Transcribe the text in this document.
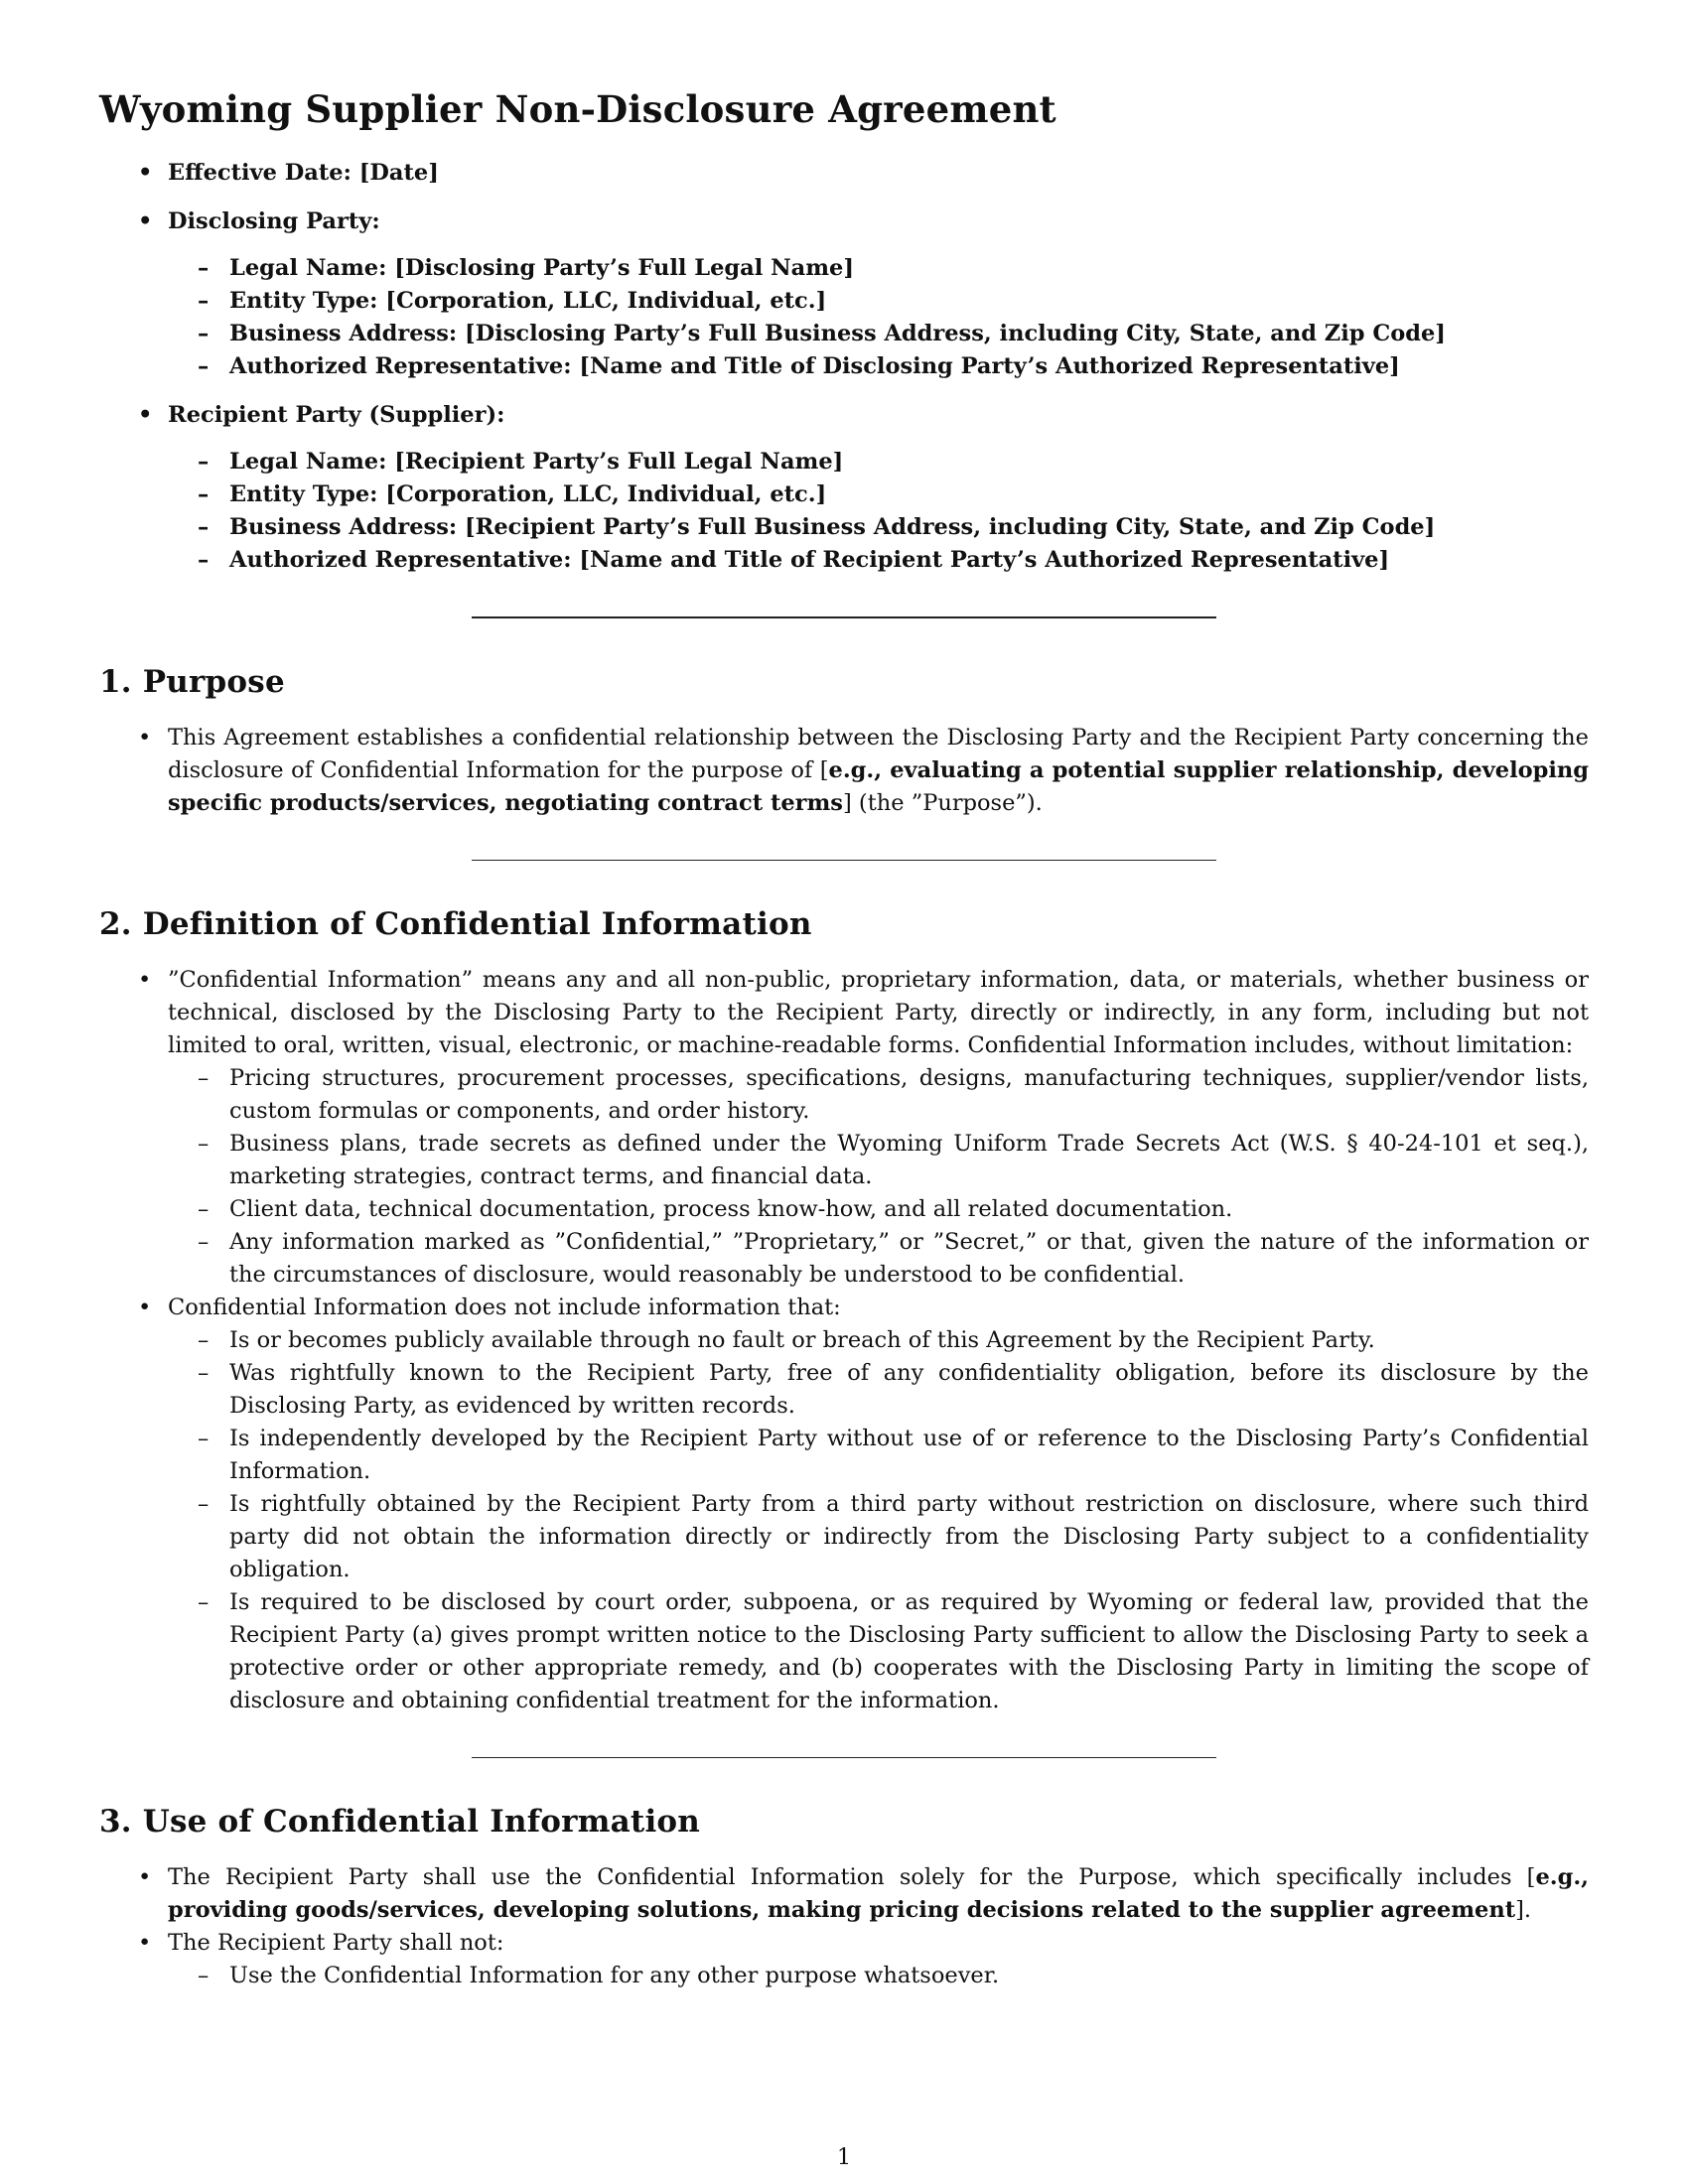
Wyoming Supplier Non-Disclosure Agreement
• Effective Date: [Date]
• Disclosing Party:
– Legal Name: [Disclosing Party’s Full Legal Name]
– Entity Type: [Corporation, LLC, Individual, etc.]
– Business Address: [Disclosing Party’s Full Business Address, including City, State, and Zip Code]
– Authorized Representative: [Name and Title of Disclosing Party’s Authorized Representative]
• Recipient Party (Supplier):
– Legal Name: [Recipient Party’s Full Legal Name]
– Entity Type: [Corporation, LLC, Individual, etc.]
– Business Address: [Recipient Party’s Full Business Address, including City, State, and Zip Code]
– Authorized Representative: [Name and Title of Recipient Party’s Authorized Representative]
1. Purpose
• This Agreement establishes a confidential relationship between the Disclosing Party and the Recipient Party concerning the disclosure of Confidential Information for the purpose of [e.g., evaluating a potential supplier relationship, developing specific products/services, negotiating contract terms] (the ”Purpose”).
2. Definition of Confidential Information
• ”Confidential Information” means any and all non-public, proprietary information, data, or materials, whether business or technical, disclosed by the Disclosing Party to the Recipient Party, directly or indirectly, in any form, including but not limited to oral, written, visual, electronic, or machine-readable forms. Confidential Information includes, without limitation:
– Pricing structures, procurement processes, specifications, designs, manufacturing techniques, supplier/vendor lists, custom formulas or components, and order history.
– Business plans, trade secrets as defined under the Wyoming Uniform Trade Secrets Act (W.S. § 40-24-101 et seq.), marketing strategies, contract terms, and financial data.
– Client data, technical documentation, process know-how, and all related documentation.
– Any information marked as ”Confidential,” ”Proprietary,” or ”Secret,” or that, given the nature of the information or the circumstances of disclosure, would reasonably be understood to be confidential.
• Confidential Information does not include information that:
– Is or becomes publicly available through no fault or breach of this Agreement by the Recipient Party.
– Was rightfully known to the Recipient Party, free of any confidentiality obligation, before its disclosure by the Disclosing Party, as evidenced by written records.
– Is independently developed by the Recipient Party without use of or reference to the Disclosing Party’s Confidential Information.
– Is rightfully obtained by the Recipient Party from a third party without restriction on disclosure, where such third party did not obtain the information directly or indirectly from the Disclosing Party subject to a confidentiality obligation.
– Is required to be disclosed by court order, subpoena, or as required by Wyoming or federal law, provided that the Recipient Party (a) gives prompt written notice to the Disclosing Party sufficient to allow the Disclosing Party to seek a protective order or other appropriate remedy, and (b) cooperates with the Disclosing Party in limiting the scope of disclosure and obtaining confidential treatment for the information.
3. Use of Confidential Information
• The Recipient Party shall use the Confidential Information solely for the Purpose, which specifically includes [e.g., providing goods/services, developing solutions, making pricing decisions related to the supplier agreement].
• The Recipient Party shall not:
– Use the Confidential Information for any other purpose whatsoever.
1
